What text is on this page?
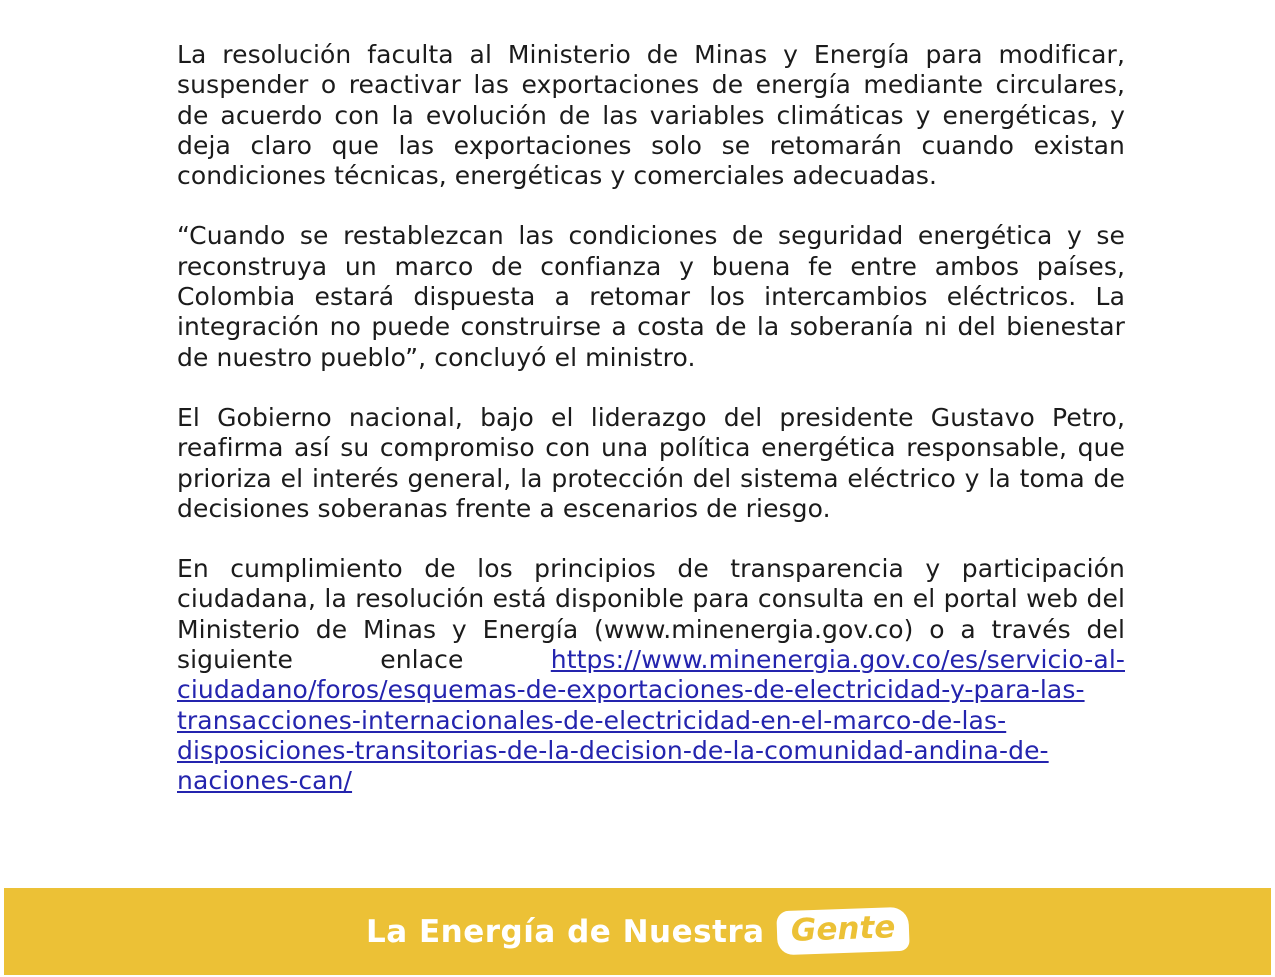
La resolución faculta al Ministerio de Minas y Energía para modificar, suspender o reactivar las exportaciones de energía mediante circulares, de acuerdo con la evolución de las variables climáticas y energéticas, y deja claro que las exportaciones solo se retomarán cuando existan condiciones técnicas, energéticas y comerciales adecuadas.

“Cuando se restablezcan las condiciones de seguridad energética y se reconstruya un marco de confianza y buena fe entre ambos países, Colombia estará dispuesta a retomar los intercambios eléctricos. La integración no puede construirse a costa de la soberanía ni del bienestar de nuestro pueblo”, concluyó el ministro.

El Gobierno nacional, bajo el liderazgo del presidente Gustavo Petro, reafirma así su compromiso con una política energética responsable, que prioriza el interés general, la protección del sistema eléctrico y la toma de decisiones soberanas frente a escenarios de riesgo.

En cumplimiento de los principios de transparencia y participación ciudadana, la resolución está disponible para consulta en el portal web del Ministerio de Minas y Energía (www.minenergia.gov.co) o a través del siguiente enlace https://www.minenergia.gov.co/es/servicio-al-ciudadano/foros/esquemas-de-exportaciones-de-electricidad-y-para-las-transacciones-internacionales-de-electricidad-en-el-marco-de-las-disposiciones-transitorias-de-la-decision-de-la-comunidad-andina-de-naciones-can/

La Energía de Nuestra Gente
